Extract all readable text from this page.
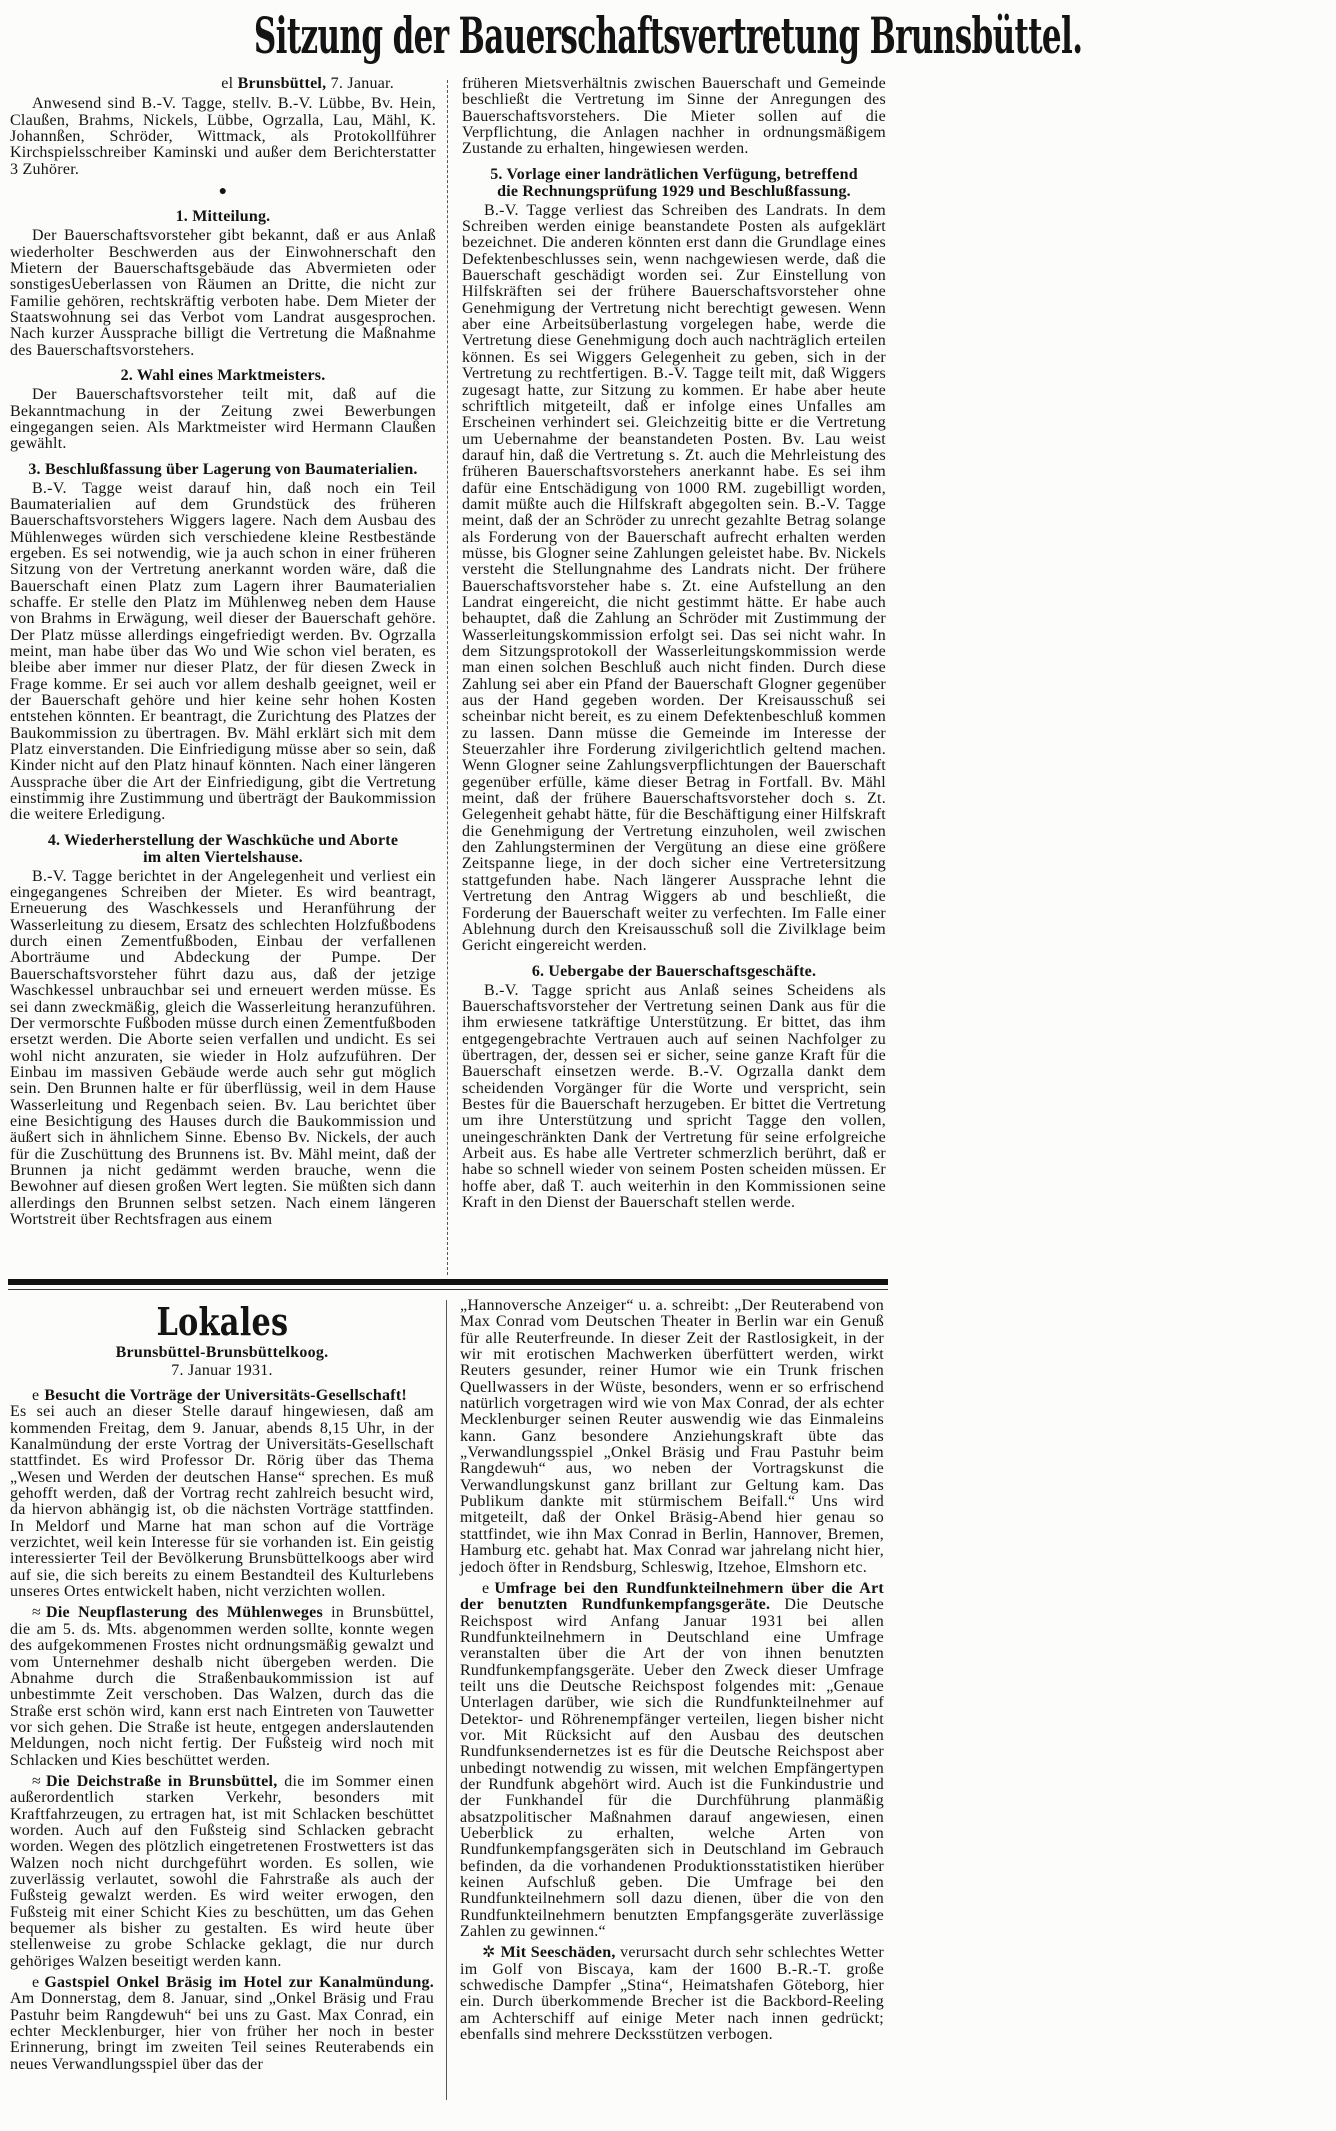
Sitzung der Bauerschaftsvertretung Brunsbüttel.
el Brunsbüttel, 7. Januar.

Anwesend sind B.-V. Tagge, stellv. B.-V. Lübbe, Bv. Hein, Claußen, Brahms, Nickels, Lübbe, Ogrzalla, Lau, Mähl, K. Johannßen, Schröder, Wittmack, als Protokollführer Kirchspielsschreiber Kaminski und außer dem Berichterstatter 3 Zuhörer.

●
1. Mitteilung.

Der Bauerschaftsvorsteher gibt bekannt, daß er aus Anlaß wiederholter Beschwerden aus der Einwohnerschaft den Mietern der Bauerschaftsgebäude das Abvermieten oder sonstigesUeberlassen von Räumen an Dritte, die nicht zur Familie gehören, rechtskräftig verboten habe. Dem Mieter der Staatswohnung sei das Verbot vom Landrat ausgesprochen. Nach kurzer Aussprache billigt die Vertretung die Maßnahme des Bauerschaftsvorstehers.

2. Wahl eines Marktmeisters.

Der Bauerschaftsvorsteher teilt mit, daß auf die Bekanntmachung in der Zeitung zwei Bewerbungen eingegangen seien. Als Marktmeister wird Hermann Claußen gewählt.

3. Beschlußfassung über Lagerung von Baumaterialien.

B.-V. Tagge weist darauf hin, daß noch ein Teil Baumaterialien auf dem Grundstück des früheren Bauerschaftsvorstehers Wiggers lagere. Nach dem Ausbau des Mühlenweges würden sich verschiedene kleine Restbestände ergeben. Es sei notwendig, wie ja auch schon in einer früheren Sitzung von der Vertretung anerkannt worden wäre, daß die Bauerschaft einen Platz zum Lagern ihrer Baumaterialien schaffe. Er stelle den Platz im Mühlenweg neben dem Hause von Brahms in Erwägung, weil dieser der Bauerschaft gehöre. Der Platz müsse allerdings eingefriedigt werden. Bv. Ogrzalla meint, man habe über das Wo und Wie schon viel beraten, es bleibe aber immer nur dieser Platz, der für diesen Zweck in Frage komme. Er sei auch vor allem deshalb geeignet, weil er der Bauerschaft gehöre und hier keine sehr hohen Kosten entstehen könnten. Er beantragt, die Zurichtung des Platzes der Baukommission zu übertragen. Bv. Mähl erklärt sich mit dem Platz einverstanden. Die Einfriedigung müsse aber so sein, daß Kinder nicht auf den Platz hinauf könnten. Nach einer längeren Aussprache über die Art der Einfriedigung, gibt die Vertretung einstimmig ihre Zustimmung und überträgt der Baukommission die weitere Erledigung.

4. Wiederherstellung der Waschküche und Aborte
im alten Viertelshause.

B.-V. Tagge berichtet in der Angelegenheit und verliest ein eingegangenes Schreiben der Mieter. Es wird beantragt, Erneuerung des Waschkessels und Heranführung der Wasserleitung zu diesem, Ersatz des schlechten Holzfußbodens durch einen Zementfußboden, Einbau der verfallenen Aborträume und Abdeckung der Pumpe. Der Bauerschaftsvorsteher führt dazu aus, daß der jetzige Waschkessel unbrauchbar sei und erneuert werden müsse. Es sei dann zweckmäßig, gleich die Wasserleitung heranzuführen. Der vermorschte Fußboden müsse durch einen Zementfußboden ersetzt werden. Die Aborte seien verfallen und undicht. Es sei wohl nicht anzuraten, sie wieder in Holz aufzuführen. Der Einbau im massiven Gebäude werde auch sehr gut möglich sein. Den Brunnen halte er für überflüssig, weil in dem Hause Wasserleitung und Regenbach seien. Bv. Lau berichtet über eine Besichtigung des Hauses durch die Baukommission und äußert sich in ähnlichem Sinne. Ebenso Bv. Nickels, der auch für die Zuschüttung des Brunnens ist. Bv. Mähl meint, daß der Brunnen ja nicht gedämmt werden brauche, wenn die Bewohner auf diesen großen Wert legten. Sie müßten sich dann allerdings den Brunnen selbst setzen. Nach einem längeren Wortstreit über Rechtsfragen aus einem

früheren Mietsverhältnis zwischen Bauerschaft und Gemeinde beschließt die Vertretung im Sinne der Anregungen des Bauerschaftsvorstehers. Die Mieter sollen auf die Verpflichtung, die Anlagen nachher in ordnungsmäßigem Zustande zu erhalten, hingewiesen werden.

5. Vorlage einer landrätlichen Verfügung, betreffend
die Rechnungsprüfung 1929 und Beschlußfassung.

B.-V. Tagge verliest das Schreiben des Landrats. In dem Schreiben werden einige beanstandete Posten als aufgeklärt bezeichnet. Die anderen könnten erst dann die Grundlage eines Defektenbeschlusses sein, wenn nachgewiesen werde, daß die Bauerschaft geschädigt worden sei. Zur Einstellung von Hilfskräften sei der frühere Bauerschaftsvorsteher ohne Genehmigung der Vertretung nicht berechtigt gewesen. Wenn aber eine Arbeitsüberlastung vorgelegen habe, werde die Vertretung diese Genehmigung doch auch nachträglich erteilen können. Es sei Wiggers Gelegenheit zu geben, sich in der Vertretung zu rechtfertigen. B.-V. Tagge teilt mit, daß Wiggers zugesagt hatte, zur Sitzung zu kommen. Er habe aber heute schriftlich mitgeteilt, daß er infolge eines Unfalles am Erscheinen verhindert sei. Gleichzeitig bitte er die Vertretung um Uebernahme der beanstandeten Posten. Bv. Lau weist darauf hin, daß die Vertretung s. Zt. auch die Mehrleistung des früheren Bauerschaftsvorstehers anerkannt habe. Es sei ihm dafür eine Entschädigung von 1000 RM. zugebilligt worden, damit müßte auch die Hilfskraft abgegolten sein. B.-V. Tagge meint, daß der an Schröder zu unrecht gezahlte Betrag solange als Forderung von der Bauerschaft aufrecht erhalten werden müsse, bis Glogner seine Zahlungen geleistet habe. Bv. Nickels versteht die Stellungnahme des Landrats nicht. Der frühere Bauerschaftsvorsteher habe s. Zt. eine Aufstellung an den Landrat eingereicht, die nicht gestimmt hätte. Er habe auch behauptet, daß die Zahlung an Schröder mit Zustimmung der Wasserleitungskommission erfolgt sei. Das sei nicht wahr. In dem Sitzungsprotokoll der Wasserleitungskommission werde man einen solchen Beschluß auch nicht finden. Durch diese Zahlung sei aber ein Pfand der Bauerschaft Glogner gegenüber aus der Hand gegeben worden. Der Kreisausschuß sei scheinbar nicht bereit, es zu einem Defektenbeschluß kommen zu lassen. Dann müsse die Gemeinde im Interesse der Steuerzahler ihre Forderung zivilgerichtlich geltend machen. Wenn Glogner seine Zahlungsverpflichtungen der Bauerschaft gegenüber erfülle, käme dieser Betrag in Fortfall. Bv. Mähl meint, daß der frühere Bauerschaftsvorsteher doch s. Zt. Gelegenheit gehabt hätte, für die Beschäftigung einer Hilfskraft die Genehmigung der Vertretung einzuholen, weil zwischen den Zahlungsterminen der Vergütung an diese eine größere Zeitspanne liege, in der doch sicher eine Vertretersitzung stattgefunden habe. Nach längerer Aussprache lehnt die Vertretung den Antrag Wiggers ab und beschließt, die Forderung der Bauerschaft weiter zu verfechten. Im Falle einer Ablehnung durch den Kreisausschuß soll die Zivilklage beim Gericht eingereicht werden.

6. Uebergabe der Bauerschaftsgeschäfte.

B.-V. Tagge spricht aus Anlaß seines Scheidens als Bauerschaftsvorsteher der Vertretung seinen Dank aus für die ihm erwiesene tatkräftige Unterstützung. Er bittet, das ihm entgegengebrachte Vertrauen auch auf seinen Nachfolger zu übertragen, der, dessen sei er sicher, seine ganze Kraft für die Bauerschaft einsetzen werde. B.-V. Ogrzalla dankt dem scheidenden Vorgänger für die Worte und verspricht, sein Bestes für die Bauerschaft herzugeben. Er bittet die Vertretung um ihre Unterstützung und spricht Tagge den vollen, uneingeschränkten Dank der Vertretung für seine erfolgreiche Arbeit aus. Es habe alle Vertreter schmerzlich berührt, daß er habe so schnell wieder von seinem Posten scheiden müssen. Er hoffe aber, daß T. auch weiterhin in den Kommissionen seine Kraft in den Dienst der Bauerschaft stellen werde.

Lokales
Brunsbüttel-Brunsbüttelkoog.
7. Januar 1931.

e Besucht die Vorträge der Universitäts-Gesellschaft!
Es sei auch an dieser Stelle darauf hingewiesen, daß am kommenden Freitag, dem 9. Januar, abends 8,15 Uhr, in der Kanalmündung der erste Vortrag der Universitäts-Gesellschaft stattfindet. Es wird Professor Dr. Rörig über das Thema „Wesen und Werden der deutschen Hanse“ sprechen. Es muß gehofft werden, daß der Vortrag recht zahlreich besucht wird, da hiervon abhängig ist, ob die nächsten Vorträge stattfinden. In Meldorf und Marne hat man schon auf die Vorträge verzichtet, weil kein Interesse für sie vorhanden ist. Ein geistig interessierter Teil der Bevölkerung Brunsbüttelkoogs aber wird auf sie, die sich bereits zu einem Bestandteil des Kulturlebens unseres Ortes entwickelt haben, nicht verzichten wollen.

≈ Die Neupflasterung des Mühlenweges in Brunsbüttel, die am 5. ds. Mts. abgenommen werden sollte, konnte wegen des aufgekommenen Frostes nicht ordnungsmäßig gewalzt und vom Unternehmer deshalb nicht übergeben werden. Die Abnahme durch die Straßenbaukommission ist auf unbestimmte Zeit verschoben. Das Walzen, durch das die Straße erst schön wird, kann erst nach Eintreten von Tauwetter vor sich gehen. Die Straße ist heute, entgegen anderslautenden Meldungen, noch nicht fertig. Der Fußsteig wird noch mit Schlacken und Kies beschüttet werden.

≈ Die Deichstraße in Brunsbüttel, die im Sommer einen außerordentlich starken Verkehr, besonders mit Kraftfahrzeugen, zu ertragen hat, ist mit Schlacken beschüttet worden. Auch auf den Fußsteig sind Schlacken gebracht worden. Wegen des plötzlich eingetretenen Frostwetters ist das Walzen noch nicht durchgeführt worden. Es sollen, wie zuverlässig verlautet, sowohl die Fahrstraße als auch der Fußsteig gewalzt werden. Es wird weiter erwogen, den Fußsteig mit einer Schicht Kies zu beschütten, um das Gehen bequemer als bisher zu gestalten. Es wird heute über stellenweise zu grobe Schlacke geklagt, die nur durch gehöriges Walzen beseitigt werden kann.

e Gastspiel Onkel Bräsig im Hotel zur Kanalmündung. Am Donnerstag, dem 8. Januar, sind „Onkel Bräsig und Frau Pastuhr beim Rangdewuh“ bei uns zu Gast. Max Conrad, ein echter Mecklenburger, hier von früher her noch in bester Erinnerung, bringt im zweiten Teil seines Reuterabends ein neues Verwandlungsspiel über das der

„Hannoversche Anzeiger“ u. a. schreibt: „Der Reuterabend von Max Conrad vom Deutschen Theater in Berlin war ein Genuß für alle Reuterfreunde. In dieser Zeit der Rastlosigkeit, in der wir mit erotischen Machwerken überfüttert werden, wirkt Reuters gesunder, reiner Humor wie ein Trunk frischen Quellwassers in der Wüste, besonders, wenn er so erfrischend natürlich vorgetragen wird wie von Max Conrad, der als echter Mecklenburger seinen Reuter auswendig wie das Einmaleins kann. Ganz besondere Anziehungskraft übte das „Verwandlungsspiel „Onkel Bräsig und Frau Pastuhr beim Rangdewuh“ aus, wo neben der Vortragskunst die Verwandlungskunst ganz brillant zur Geltung kam. Das Publikum dankte mit stürmischem Beifall.“ Uns wird mitgeteilt, daß der Onkel Bräsig-Abend hier genau so stattfindet, wie ihn Max Conrad in Berlin, Hannover, Bremen, Hamburg etc. gehabt hat. Max Conrad war jahrelang nicht hier, jedoch öfter in Rendsburg, Schleswig, Itzehoe, Elmshorn etc.

e Umfrage bei den Rundfunkteilnehmern über die Art der benutzten Rundfunkempfangsgeräte. Die Deutsche Reichspost wird Anfang Januar 1931 bei allen Rundfunkteilnehmern in Deutschland eine Umfrage veranstalten über die Art der von ihnen benutzten Rundfunkempfangsgeräte. Ueber den Zweck dieser Umfrage teilt uns die Deutsche Reichspost folgendes mit: „Genaue Unterlagen darüber, wie sich die Rundfunkteilnehmer auf Detektor- und Röhrenempfänger verteilen, liegen bisher nicht vor. Mit Rücksicht auf den Ausbau des deutschen Rundfunksendernetzes ist es für die Deutsche Reichspost aber unbedingt notwendig zu wissen, mit welchen Empfängertypen der Rundfunk abgehört wird. Auch ist die Funkindustrie und der Funkhandel für die Durchführung planmäßig absatzpolitischer Maßnahmen darauf angewiesen, einen Ueberblick zu erhalten, welche Arten von Rundfunkempfangsgeräten sich in Deutschland im Gebrauch befinden, da die vorhandenen Produktionsstatistiken hierüber keinen Aufschluß geben. Die Umfrage bei den Rundfunkteilnehmern soll dazu dienen, über die von den Rundfunkteilnehmern benutzten Empfangsgeräte zuverlässige Zahlen zu gewinnen.“

✲ Mit Seeschäden, verursacht durch sehr schlechtes Wetter im Golf von Biscaya, kam der 1600 B.-R.-T. große schwedische Dampfer „Stina“, Heimatshafen Göteborg, hier ein. Durch überkommende Brecher ist die Backbord-Reeling am Achterschiff auf einige Meter nach innen gedrückt; ebenfalls sind mehrere Decksstützen verbogen.
